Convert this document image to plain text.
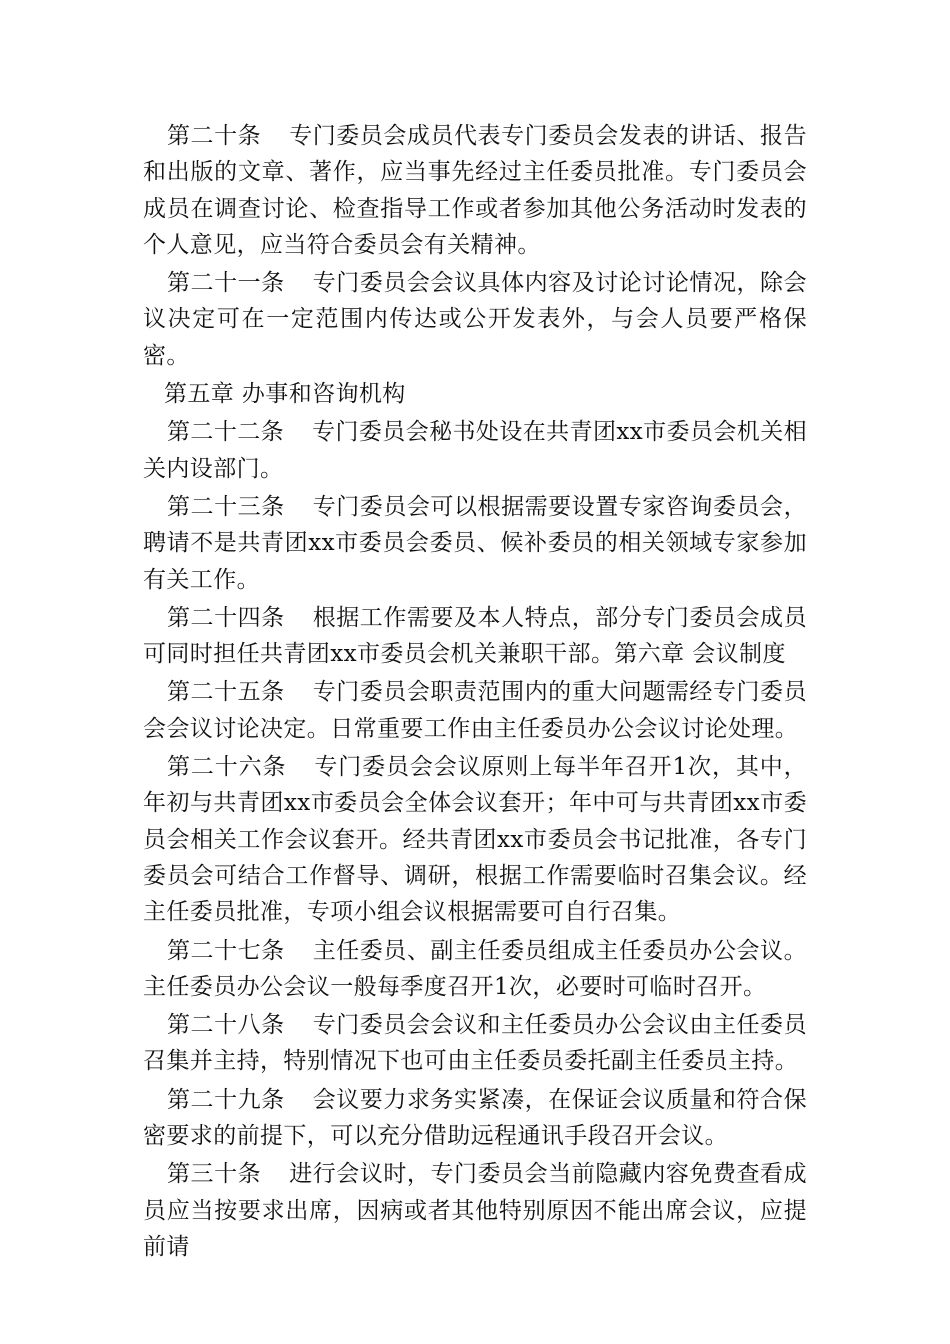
第二十条 专门委员会成员代表专门委员会发表的讲话、报告和出版的文章、著作，应当事先经过主任委员批准。专门委员会成员在调查讨论、检查指导工作或者参加其他公务活动时发表的个人意见，应当符合委员会有关精神。

第二十一条 专门委员会会议具体内容及讨论讨论情况，除会议决定可在一定范围内传达或公开发表外，与会人员要严格保密。

第五章 办事和咨询机构

第二十二条 专门委员会秘书处设在共青团xx市委员会机关相关内设部门。

第二十三条 专门委员会可以根据需要设置专家咨询委员会，聘请不是共青团xx市委员会委员、候补委员的相关领域专家参加有关工作。

第二十四条 根据工作需要及本人特点，部分专门委员会成员可同时担任共青团xx市委员会机关兼职干部。第六章 会议制度

第二十五条 专门委员会职责范围内的重大问题需经专门委员会会议讨论决定。日常重要工作由主任委员办公会议讨论处理。

第二十六条 专门委员会会议原则上每半年召开1次，其中，年初与共青团xx市委员会全体会议套开；年中可与共青团xx市委员会相关工作会议套开。经共青团xx市委员会书记批准，各专门委员会可结合工作督导、调研，根据工作需要临时召集会议。经主任委员批准，专项小组会议根据需要可自行召集。

第二十七条 主任委员、副主任委员组成主任委员办公会议。主任委员办公会议一般每季度召开1次，必要时可临时召开。

第二十八条 专门委员会会议和主任委员办公会议由主任委员召集并主持，特别情况下也可由主任委员委托副主任委员主持。

第二十九条 会议要力求务实紧凑，在保证会议质量和符合保密要求的前提下，可以充分借助远程通讯手段召开会议。

第三十条 进行会议时，专门委员会当前隐藏内容免费查看成员应当按要求出席，因病或者其他特别原因不能出席会议，应提前请
